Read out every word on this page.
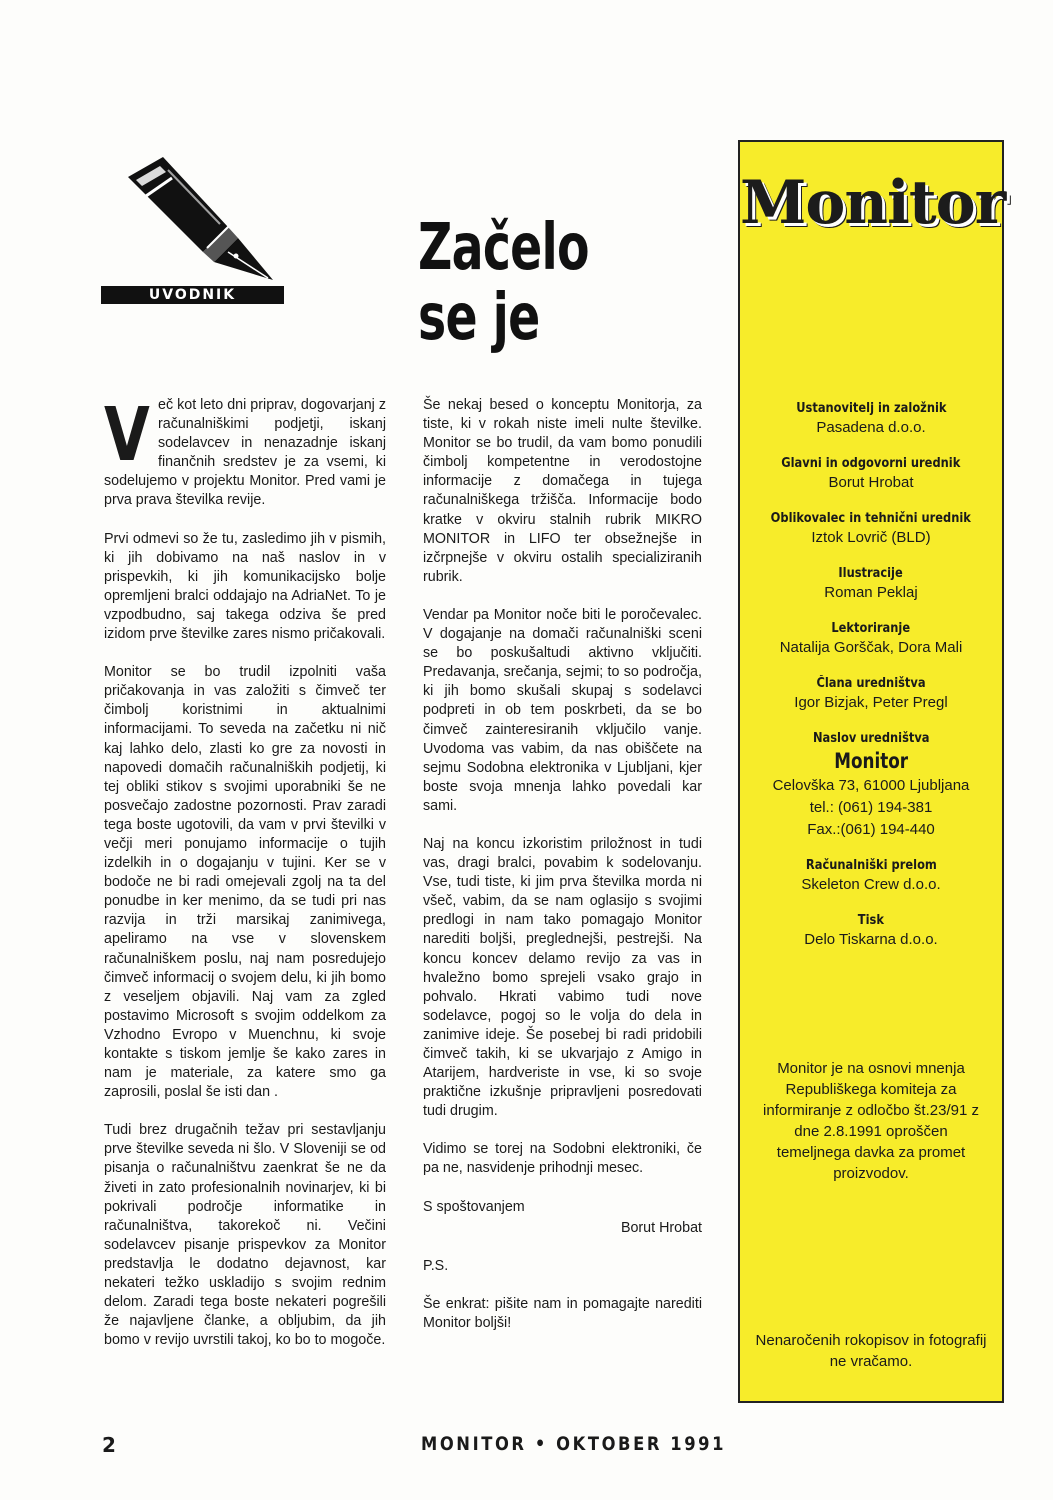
UVODNIK
Začelo
se je

Več kot leto dni priprav, dogovarjanj z računalniškimi podjetji, iskanj sodelavcev in nenazadnje iskanj finančnih sredstev je za vsemi, ki sodelujemo v projektu Monitor. Pred vami je prva prava številka revije.

Prvi odmevi so že tu, zasledimo jih v pismih, ki jih dobivamo na naš naslov in v prispevkih, ki jih komunikacijsko bolje opremljeni bralci oddajajo na AdriaNet. To je vzpodbudno, saj takega odziva še pred izidom prve številke zares nismo pričakovali.

Monitor se bo trudil izpolniti vaša pričakovanja in vas založiti s čimveč ter čimbolj koristnimi in aktualnimi informacijami. To seveda na začetku ni nič kaj lahko delo, zlasti ko gre za novosti in napovedi domačih računalniških podjetij, ki tej obliki stikov s svojimi uporabniki še ne posvečajo zadostne pozornosti. Prav zaradi tega boste ugotovili, da vam v prvi številki v večji meri ponujamo informacije o tujih izdelkih in o dogajanju v tujini. Ker se v bodoče ne bi radi omejevali zgolj na ta del ponudbe in ker menimo, da se tudi pri nas razvija in trži marsikaj zanimivega, apeliramo na vse v slovenskem računalniškem poslu, naj nam posredujejo čimveč informacij o svojem delu, ki jih bomo z veseljem objavili. Naj vam za zgled postavimo Microsoft s svojim oddelkom za Vzhodno Evropo v Muenchnu, ki svoje kontakte s tiskom jemlje še kako zares in nam je materiale, za katere smo ga zaprosili, poslal še isti dan .

Tudi brez drugačnih težav pri sestavljanju prve številke seveda ni šlo. V Sloveniji se od pisanja o računalništvu zaenkrat še ne da živeti in zato profesionalnih novinarjev, ki bi pokrivali področje informatike in računalništva, takorekoč ni. Večini sodelavcev pisanje prispevkov za Monitor predstavlja le dodatno dejavnost, kar nekateri težko uskladijo s svojim rednim delom. Zaradi tega boste nekateri pogrešili že najavljene članke, a obljubim, da jih bomo v revijo uvrstili takoj, ko bo to mogoče.

Še nekaj besed o konceptu Monitorja, za tiste, ki v rokah niste imeli nulte številke. Monitor se bo trudil, da vam bomo ponudili čimbolj kompetentne in verodostojne informacije z domačega in tujega računalniškega tržišča. Informacije bodo kratke v okviru stalnih rubrik MIKRO MONITOR in LIFO ter obsežnejše in izčrpnejše v okviru ostalih specializiranih rubrik.

Vendar pa Monitor noče biti le poročevalec. V dogajanje na domači računalniški sceni se bo poskušaltudi aktivno vključiti. Predavanja, srečanja, sejmi; to so področja, ki jih bomo skušali skupaj s sodelavci podpreti in ob tem poskrbeti, da se bo čimveč zainteresiranih vključilo vanje. Uvodoma vas vabim, da nas obiščete na sejmu Sodobna elektronika v Ljubljani, kjer boste svoja mnenja lahko povedali kar sami.

Naj na koncu izkoristim priložnost in tudi vas, dragi bralci, povabim k sodelovanju. Vse, tudi tiste, ki jim prva številka morda ni všeč, vabim, da se nam oglasijo s svojimi predlogi in nam tako pomagajo Monitor narediti boljši, preglednejši, pestrejši. Na koncu koncev delamo revijo za vas in hvaležno bomo sprejeli vsako grajo in pohvalo. Hkrati vabimo tudi nove sodelavce, pogoj so le volja do dela in zanimive ideje. Še posebej bi radi pridobili čimveč takih, ki se ukvarjajo z Amigo in Atarijem, hardveriste in vse, ki so svoje praktične izkušnje pripravljeni posredovati tudi drugim.

Vidimo se torej na Sodobni elektroniki, če pa ne, nasvidenje prihodnji mesec.

S spoštovanjem

Borut Hrobat

P.S.

Še enkrat: pišite nam in pomagajte narediti Monitor boljši!

Monitor
Ustanovitelj in založnik
Pasadena d.o.o.
Glavni in odgovorni urednik
Borut Hrobat
Oblikovalec in tehnični urednik
Iztok Lovrič (BLD)
Ilustracije
Roman Peklaj
Lektoriranje
Natalija Gorščak, Dora Mali
Člana uredništva
Igor Bizjak, Peter Pregl
Naslov uredništva
Monitor
Celovška 73, 61000 Ljubljana
tel.: (061) 194-381
Fax.:(061) 194-440
Računalniški prelom
Skeleton Crew d.o.o.
Tisk
Delo Tiskarna d.o.o.
Monitor je na osnovi mnenja Republiškega komiteja za informiranje z odločbo št.23/91 z dne 2.8.1991 oproščen temeljnega davka za promet proizvodov.
Nenaročenih rokopisov in fotografij ne vračamo.
2	MONITOR • OKTOBER 1991
